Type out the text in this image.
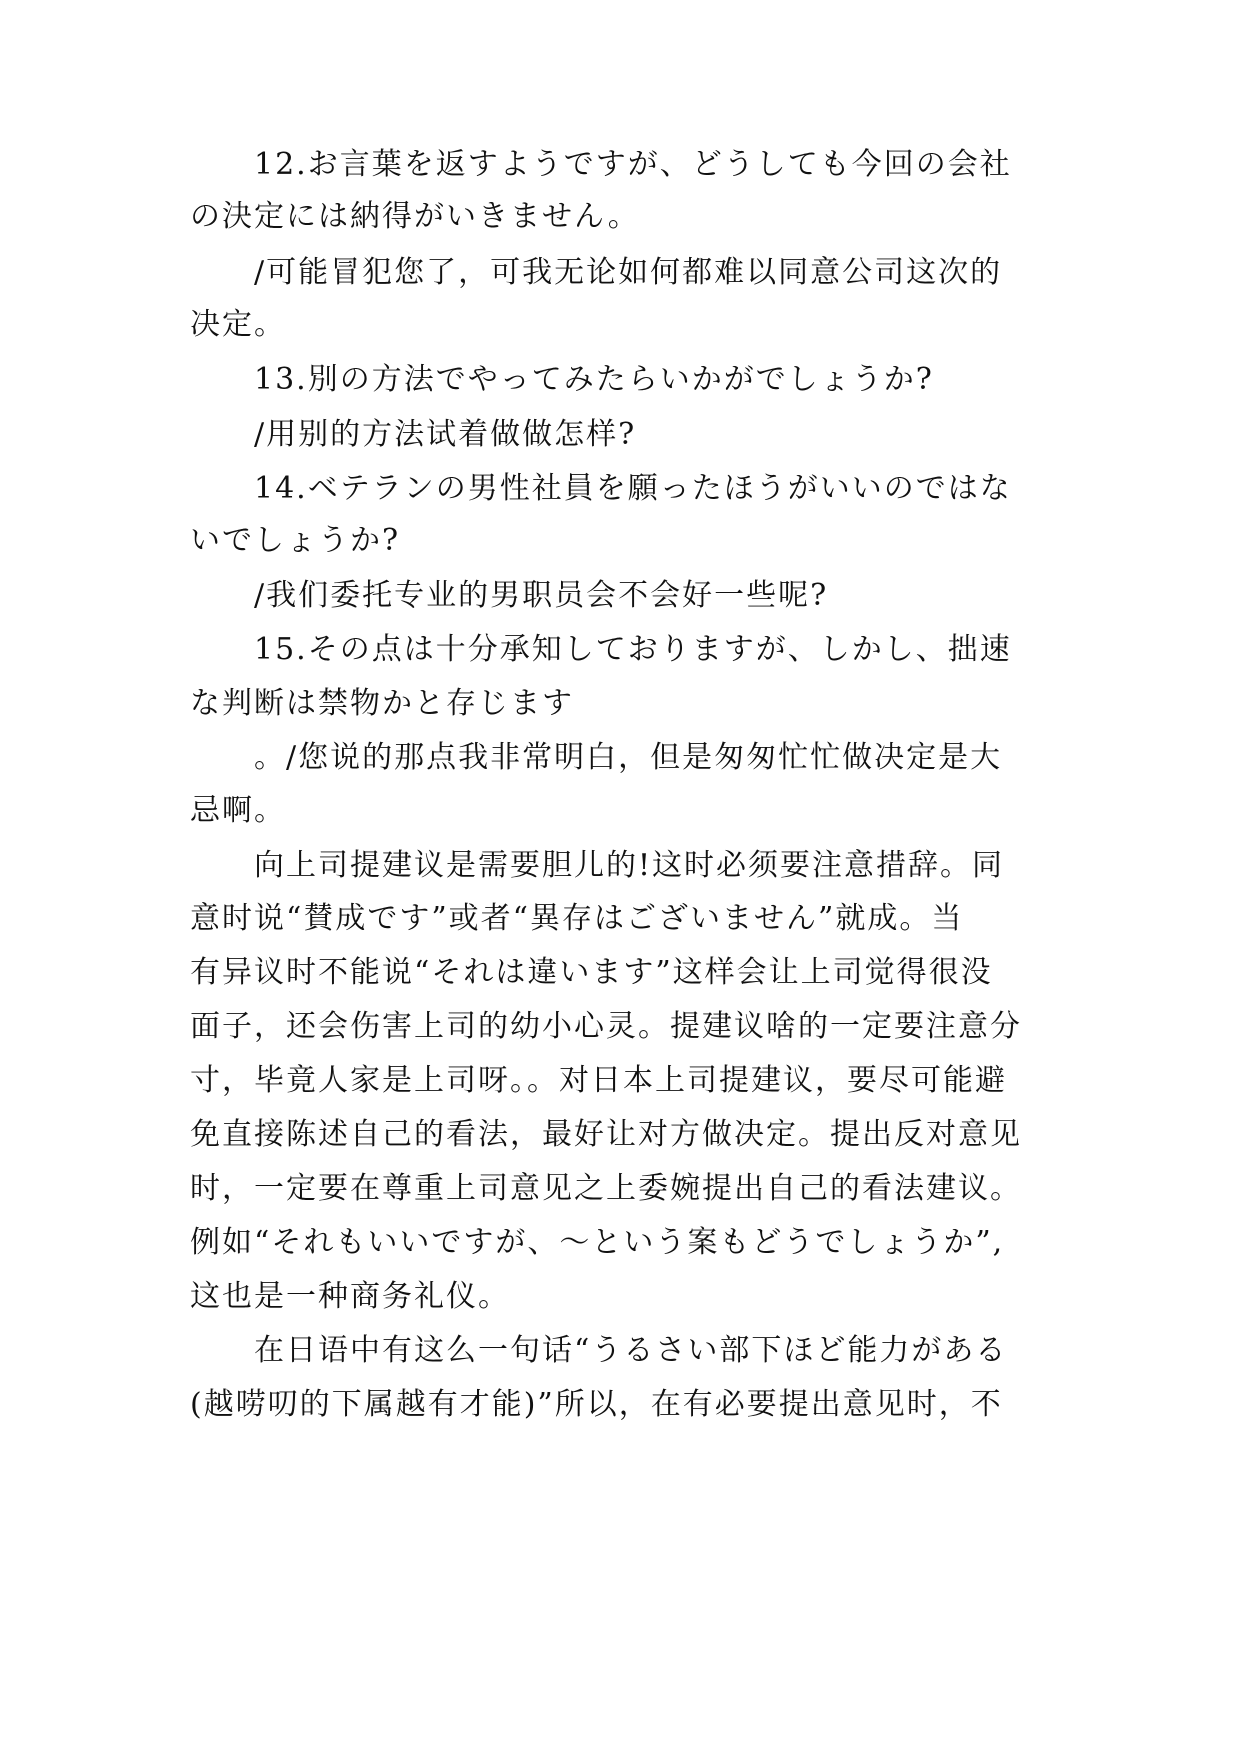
12.お言葉を返すようですが、どうしても今回の会社
の決定には納得がいきません。
/可能冒犯您了，可我无论如何都难以同意公司这次的
决定。
13.別の方法でやってみたらいかがでしょうか?
/用别的方法试着做做怎样?
14.ベテランの男性社員を願ったほうがいいのではな
いでしょうか?
/我们委托专业的男职员会不会好一些呢?
15.その点は十分承知しておりますが、しかし、拙速
な判断は禁物かと存じます
。/您说的那点我非常明白，但是匆匆忙忙做决定是大
忌啊。
向上司提建议是需要胆儿的!这时必须要注意措辞。同
意时说“賛成です”或者“異存はございません”就成。当
有异议时不能说“それは違います”这样会让上司觉得很没
面子，还会伤害上司的幼小心灵。提建议啥的一定要注意分
寸，毕竟人家是上司呀。。对日本上司提建议，要尽可能避
免直接陈述自己的看法，最好让对方做决定。提出反对意见
时，一定要在尊重上司意见之上委婉提出自己的看法建议。
例如“それもいいですが、～という案もどうでしょうか”,
这也是一种商务礼仪。
在日语中有这么一句话“うるさい部下ほど能力がある
(越唠叨的下属越有才能)”所以，在有必要提出意见时，不
